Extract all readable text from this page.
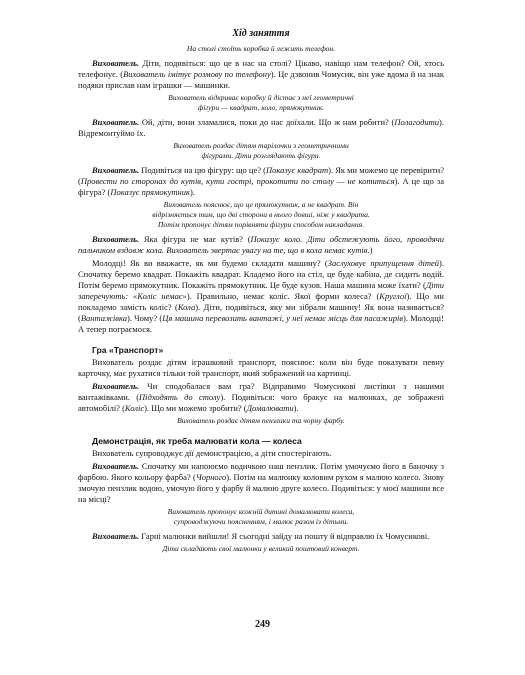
Хід заняття
На столі стоїть коробка й лежить телефон.

Вихователь. Діти, подивіться: що це в нас на столі? Цікаво, навіщо нам телефон? Ой, хтось телефонує. (Вихователь імітує розмову по телефону). Це дзвонив Чомусик, він уже вдома й на знак подяки прислав нам іграшки — машинки.

Вихователь відкриває коробку й дістає з неї геометричні
фігури — квадрат, коло, прямокутник.

Вихователь. Ой, діти, вони зламалися, поки до нас доїхали. Що ж нам робити? (Полагодити). Відремонтуймо їх.

Вихователь роздає дітям тарілочки з геометричними
фігурами. Діти розглядають фігури.

Вихователь. Подивіться на цю фігуру: що це? (Показує квадрат). Як ми можемо це перевірити? (Провести по сторонах до кутів, кути гострі, прокотити по столу — не котиться). А це що за фігура? (Показує прямокутник).

Вихователь пояснює, що це прямокутник, а не квадрат. Він
відрізняється тим, що дві сторони в нього довші, ніж у квадрата.
Потім пропонує дітям порівняти фігури способом накладання.

Вихователь. Яка фігура не має кутів? (Показує коло. Діти обстежують його, проводячи пальчиком вздовж кола. Вихователь звертає увагу на те, що в кола немає кутів.)

Молодці! Як ви вважаєте, як ми будемо складати машину? (Заслуховує припущення дітей). Спочатку беремо квадрат. Покажіть квадрат. Кладемо його на стіл, це буде кабіна, де сидить водій. Потім беремо прямокутник. Покажіть прямокутник. Це буде кузов. Наша машина може їхати? (Діти заперечують: «Коліс немає»). Правильно, немає коліс. Якої форми колеса? (Круглої). Що ми покладемо замість коліс? (Кола). Діти, подивіться, яку ми зібрали машину! Як вона називається? (Вантажівка). Чому? (Ця машина перевозить вантажі, у неї немає місць для пасажирів). Молодці! А тепер пограємося.

Гра «Транспорт»

Вихователь роздає дітям іграшковий транспорт, пояснює: коли він буде показувати певну карточку, має рухатися тільки той транспорт, який зображений на картинці.

Вихователь. Чи сподобалася вам гра? Відправимо Чомусикові листівки з нашими вантажівками. (Підходять до столу). Подивіться: чого бракує на малюнках, де зображені автомобілі? (Коліс). Що ми можемо зробити? (Домалювати).

Вихователь роздає дітям пензлики та чорну фарбу.
Демонстрація, як треба малювати кола — колеса

Вихователь супроводжує дії демонстрацією, а діти спостерігають.

Вихователь. Спочатку ми напоюємо водичкою наш пензлик. Потім умочуємо його в баночку з фарбою. Якого кольору фарба? (Чорного). Потім на малюнку коловим рухом я малюю колесо. Знову змочую пензлик водою, умочую його у фарбу й малюю друге колесо. Подивіться: у моєї машини все на місці?

Вихователь пропонує кожній дитині домалювати колеса,
супроводжуючи поясненням, і малює разом із дітьми.

Вихователь. Гарні малюнки вийшли! Я сьогодні зайду на пошту й відправлю їх Чомусикові.

Діти складають свої малюнки у великий поштовий конверт.
249
